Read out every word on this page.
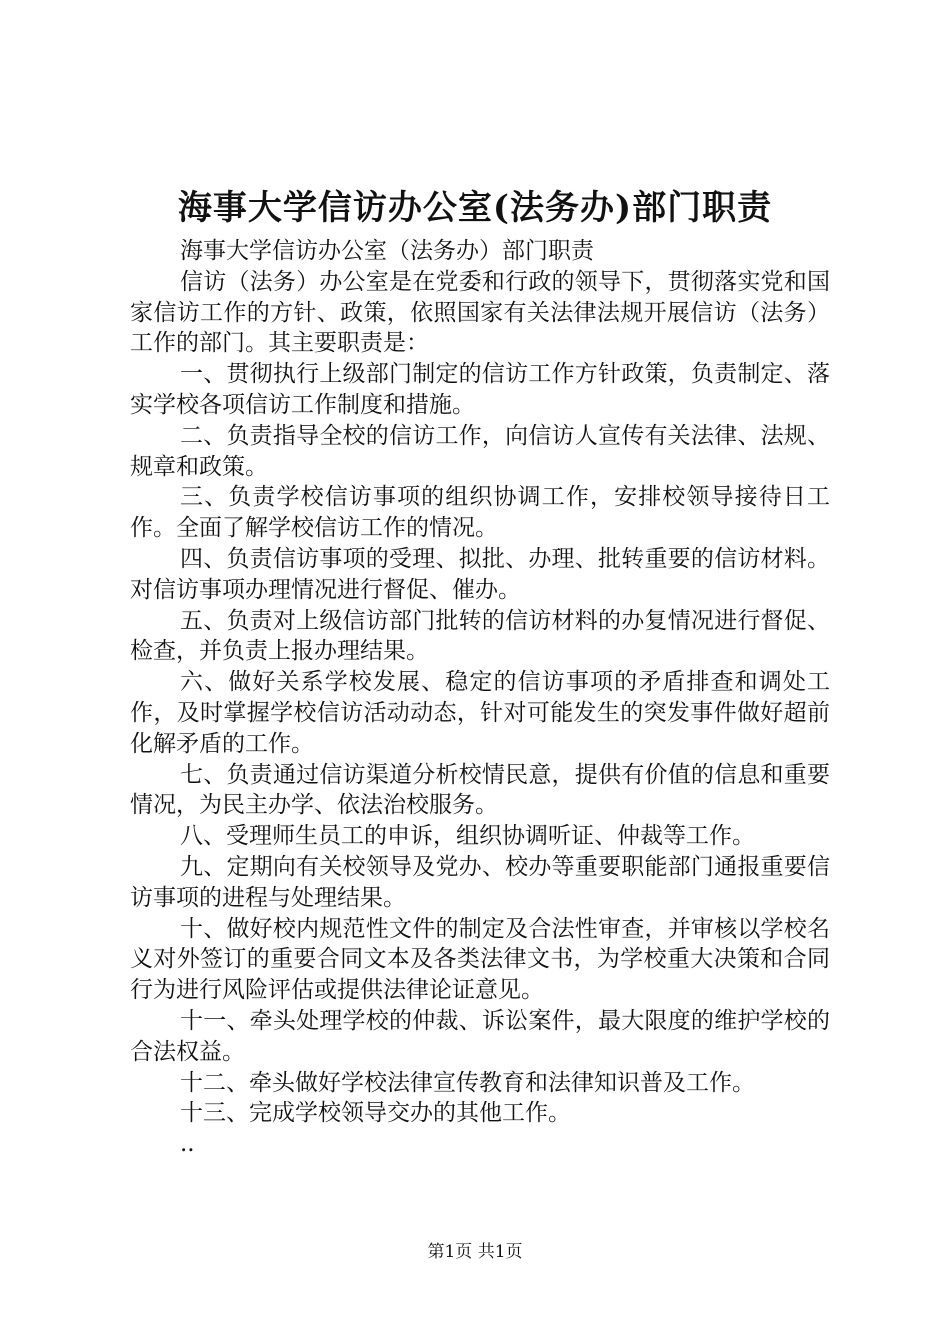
海事大学信访办公室(法务办)部门职责

海事大学信访办公室（法务办）部门职责

信访（法务）办公室是在党委和行政的领导下，贯彻落实党和国家信访工作的方针、政策，依照国家有关法律法规开展信访（法务）工作的部门。其主要职责是：

一、贯彻执行上级部门制定的信访工作方针政策，负责制定、落实学校各项信访工作制度和措施。

二、负责指导全校的信访工作，向信访人宣传有关法律、法规、规章和政策。

三、负责学校信访事项的组织协调工作，安排校领导接待日工作。全面了解学校信访工作的情况。

四、负责信访事项的受理、拟批、办理、批转重要的信访材料。对信访事项办理情况进行督促、催办。

五、负责对上级信访部门批转的信访材料的办复情况进行督促、检查，并负责上报办理结果。

六、做好关系学校发展、稳定的信访事项的矛盾排查和调处工作，及时掌握学校信访活动动态，针对可能发生的突发事件做好超前化解矛盾的工作。

七、负责通过信访渠道分析校情民意，提供有价值的信息和重要情况，为民主办学、依法治校服务。

八、受理师生员工的申诉，组织协调听证、仲裁等工作。

九、定期向有关校领导及党办、校办等重要职能部门通报重要信访事项的进程与处理结果。

十、做好校内规范性文件的制定及合法性审查，并审核以学校名义对外签订的重要合同文本及各类法律文书，为学校重大决策和合同行为进行风险评估或提供法律论证意见。

十一、牵头处理学校的仲裁、诉讼案件，最大限度的维护学校的合法权益。

十二、牵头做好学校法律宣传教育和法律知识普及工作。

十三、完成学校领导交办的其他工作。

..

第1页 共1页
